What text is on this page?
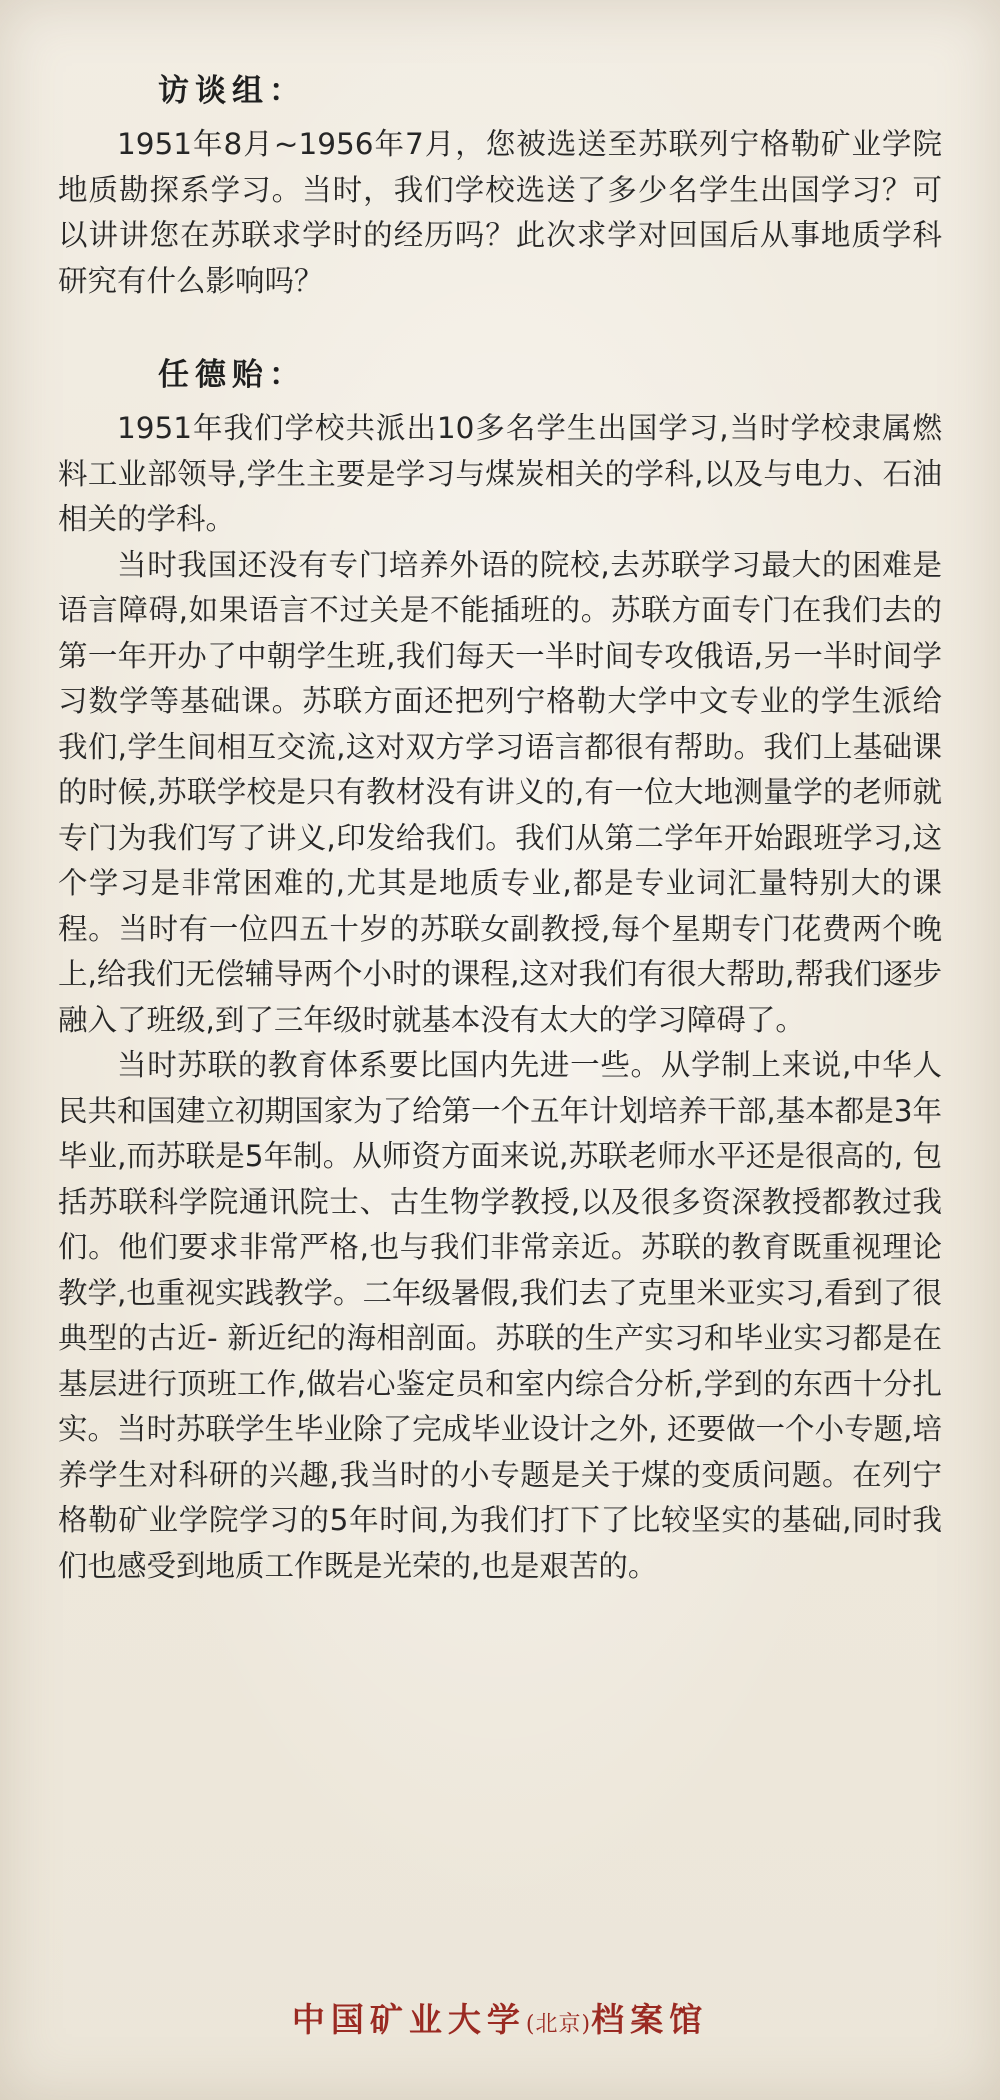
访谈组：

1951年8月~1956年7月，您被选送至苏联列宁格勒矿业学院地质勘探系学习。当时，我们学校选送了多少名学生出国学习？可以讲讲您在苏联求学时的经历吗？此次求学对回国后从事地质学科研究有什么影响吗？

任德贻：

1951年我们学校共派出10多名学生出国学习,当时学校隶属燃料工业部领导,学生主要是学习与煤炭相关的学科,以及与电力、石油相关的学科。

当时我国还没有专门培养外语的院校,去苏联学习最大的困难是语言障碍,如果语言不过关是不能插班的。苏联方面专门在我们去的第一年开办了中朝学生班,我们每天一半时间专攻俄语,另一半时间学习数学等基础课。苏联方面还把列宁格勒大学中文专业的学生派给我们,学生间相互交流,这对双方学习语言都很有帮助。我们上基础课的时候,苏联学校是只有教材没有讲义的,有一位大地测量学的老师就专门为我们写了讲义,印发给我们。我们从第二学年开始跟班学习,这个学习是非常困难的,尤其是地质专业,都是专业词汇量特别大的课程。当时有一位四五十岁的苏联女副教授,每个星期专门花费两个晚上,给我们无偿辅导两个小时的课程,这对我们有很大帮助,帮我们逐步融入了班级,到了三年级时就基本没有太大的学习障碍了。

当时苏联的教育体系要比国内先进一些。从学制上来说,中华人民共和国建立初期国家为了给第一个五年计划培养干部,基本都是3年毕业,而苏联是5年制。从师资方面来说,苏联老师水平还是很高的, 包括苏联科学院通讯院士、古生物学教授,以及很多资深教授都教过我们。他们要求非常严格,也与我们非常亲近。苏联的教育既重视理论教学,也重视实践教学。二年级暑假,我们去了克里米亚实习,看到了很典型的古近- 新近纪的海相剖面。苏联的生产实习和毕业实习都是在基层进行顶班工作,做岩心鉴定员和室内综合分析,学到的东西十分扎实。当时苏联学生毕业除了完成毕业设计之外, 还要做一个小专题,培养学生对科研的兴趣,我当时的小专题是关于煤的变质问题。在列宁格勒矿业学院学习的5年时间,为我们打下了比较坚实的基础,同时我们也感受到地质工作既是光荣的,也是艰苦的。

中国矿业大学(北京)档案馆
